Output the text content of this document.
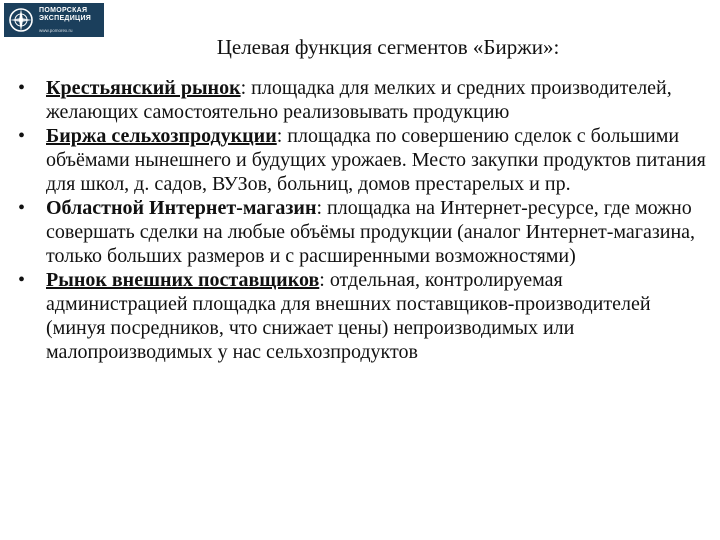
ПОМОРСКАЯ
ЭКСПЕДИЦИЯ
www.pomorex.ru
Целевая функция сегментов «Биржи»:
•	Крестьянский рынок: площадка для мелких и средних производителей, желающих самостоятельно реализовывать продукцию
•	Биржа сельхозпродукции: площадка по совершению сделок с большими объёмами нынешнего и будущих урожаев. Место закупки продуктов питания для школ, д. садов, ВУЗов, больниц, домов престарелых и пр.
•	Областной Интернет-магазин: площадка на Интернет-ресурсе, где можно совершать сделки на любые объёмы продукции (аналог Интернет-магазина, только больших размеров и с расширенными возможностями)
•	Рынок внешних поставщиков: отдельная, контролируемая администрацией площадка для внешних поставщиков-производителей (минуя посредников, что снижает цены) непроизводимых или малопроизводимых у нас сельхозпродуктов
